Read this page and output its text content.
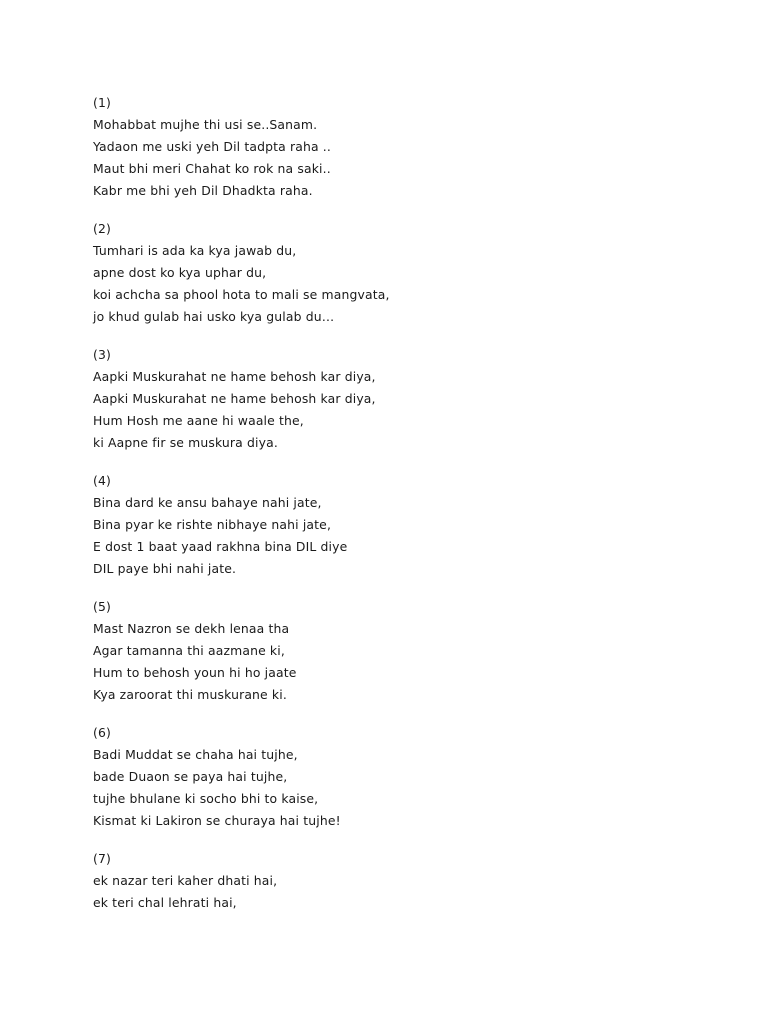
(1)
Mohabbat mujhe thi usi se..Sanam.
Yadaon me uski yeh Dil tadpta raha ..
Maut bhi meri Chahat ko rok na saki..
Kabr me bhi yeh Dil Dhadkta raha.
(2)
Tumhari is ada ka kya jawab du,
apne dost ko kya uphar du,
koi achcha sa phool hota to mali se mangvata,
jo khud gulab hai usko kya gulab du…
(3)
Aapki Muskurahat ne hame behosh kar diya,
Aapki Muskurahat ne hame behosh kar diya,
Hum Hosh me aane hi waale the,
ki Aapne fir se muskura diya.
(4)
Bina dard ke ansu bahaye nahi jate,
Bina pyar ke rishte nibhaye nahi jate,
E dost 1 baat yaad rakhna bina DIL diye
DIL paye bhi nahi jate.
(5)
Mast Nazron se dekh lenaa tha
Agar tamanna thi aazmane ki,
Hum to behosh youn hi ho jaate
Kya zaroorat thi muskurane ki.
(6)
Badi Muddat se chaha hai tujhe,
bade Duaon se paya hai tujhe,
tujhe bhulane ki socho bhi to kaise,
Kismat ki Lakiron se churaya hai tujhe!
(7)
ek nazar teri kaher dhati hai,
ek teri chal lehrati hai,
